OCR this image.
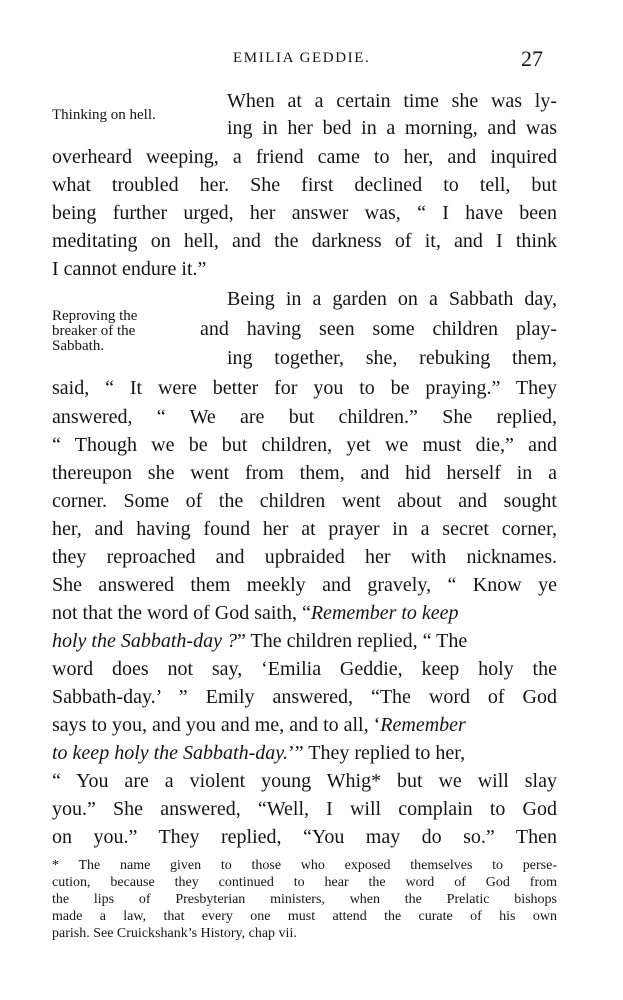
EMILIA GEDDIE.	27

Thinking on hell.

Reproving the
breaker of the
Sabbath.

When at a certain time she was ly-

ing in her bed in a morning, and was

overheard weeping, a friend came to her, and inquired

what troubled her. She first declined to tell, but

being further urged, her answer was, “ I have been

meditating on hell, and the darkness of it, and I think

I cannot endure it.”

Being in a garden on a Sabbath day,

and having seen some children play-

ing together, she, rebuking them,

said, “ It were better for you to be praying.” They

answered, “ We are but children.” She replied,

“ Though we be but children, yet we must die,” and

thereupon she went from them, and hid herself in a

corner. Some of the children went about and sought

her, and having found her at prayer in a secret corner,

they reproached and upbraided her with nicknames.

She answered them meekly and gravely, “ Know ye

not that the word of God saith, “Remember to keep

holy the Sabbath-day ?” The children replied, “ The

word does not say, ‘Emilia Geddie, keep holy the

Sabbath-day.’ ” Emily answered, “The word of God

says to you, and you and me, and to all, ‘Remember

to keep holy the Sabbath-day.’” They replied to her,

“ You are a violent young Whig* but we will slay

you.” She answered, “Well, I will complain to God

on you.” They replied, “You may do so.” Then

* The name given to those who exposed themselves to perse-

cution, because they continued to hear the word of God from

the lips of Presbyterian ministers, when the Prelatic bishops

made a law, that every one must attend the curate of his own

parish. See Cruickshank’s History, chap vii.
